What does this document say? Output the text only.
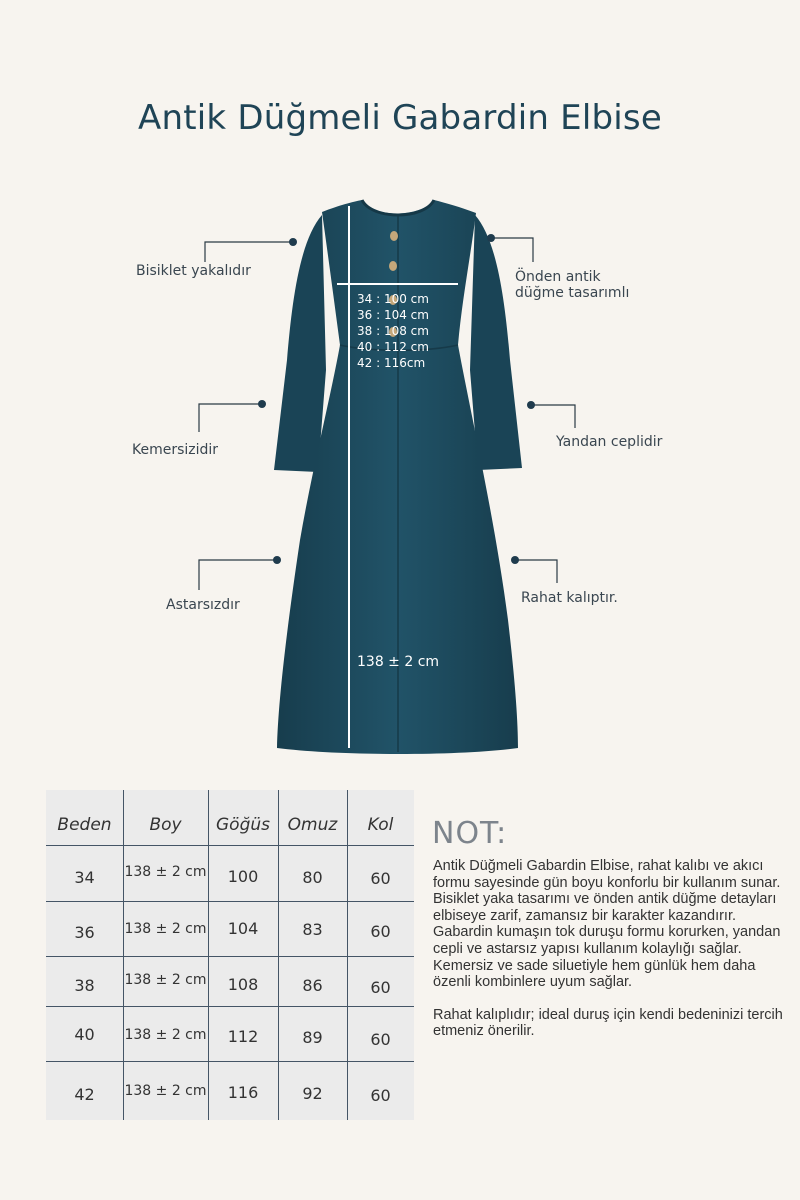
Antik Düğmeli Gabardin Elbise
Bisiklet yakalıdır	Önden antik
düğme tasarımlı
Kemersizidir	Yandan ceplidir
Astarsızdır	Rahat kalıptır.
34 : 100 cm
36 : 104 cm
38 : 108 cm
40 : 112 cm
42 : 116cm
138 ± 2 cm
Beden	Boy	Göğüs	Omuz	Kol
34	138 ± 2 cm	100	80	60
36	138 ± 2 cm	104	83	60
38	138 ± 2 cm	108	86	60
40	138 ± 2 cm	112	89	60
42	138 ± 2 cm	116	92	60
NOT:

Antik Düğmeli Gabardin Elbise, rahat kalıbı ve akıcı formu sayesinde gün boyu konforlu bir kullanım sunar. Bisiklet yaka tasarımı ve önden antik düğme detayları elbiseye zarif, zamansız bir karakter kazandırır. Gabardin kumaşın tok duruşu formu korurken, yandan cepli ve astarsız yapısı kullanım kolaylığı sağlar. Kemersiz ve sade siluetiyle hem günlük hem daha özenli kombinlere uyum sağlar.

Rahat kalıplıdır; ideal duruş için kendi bedeninizi tercih etmeniz önerilir.
